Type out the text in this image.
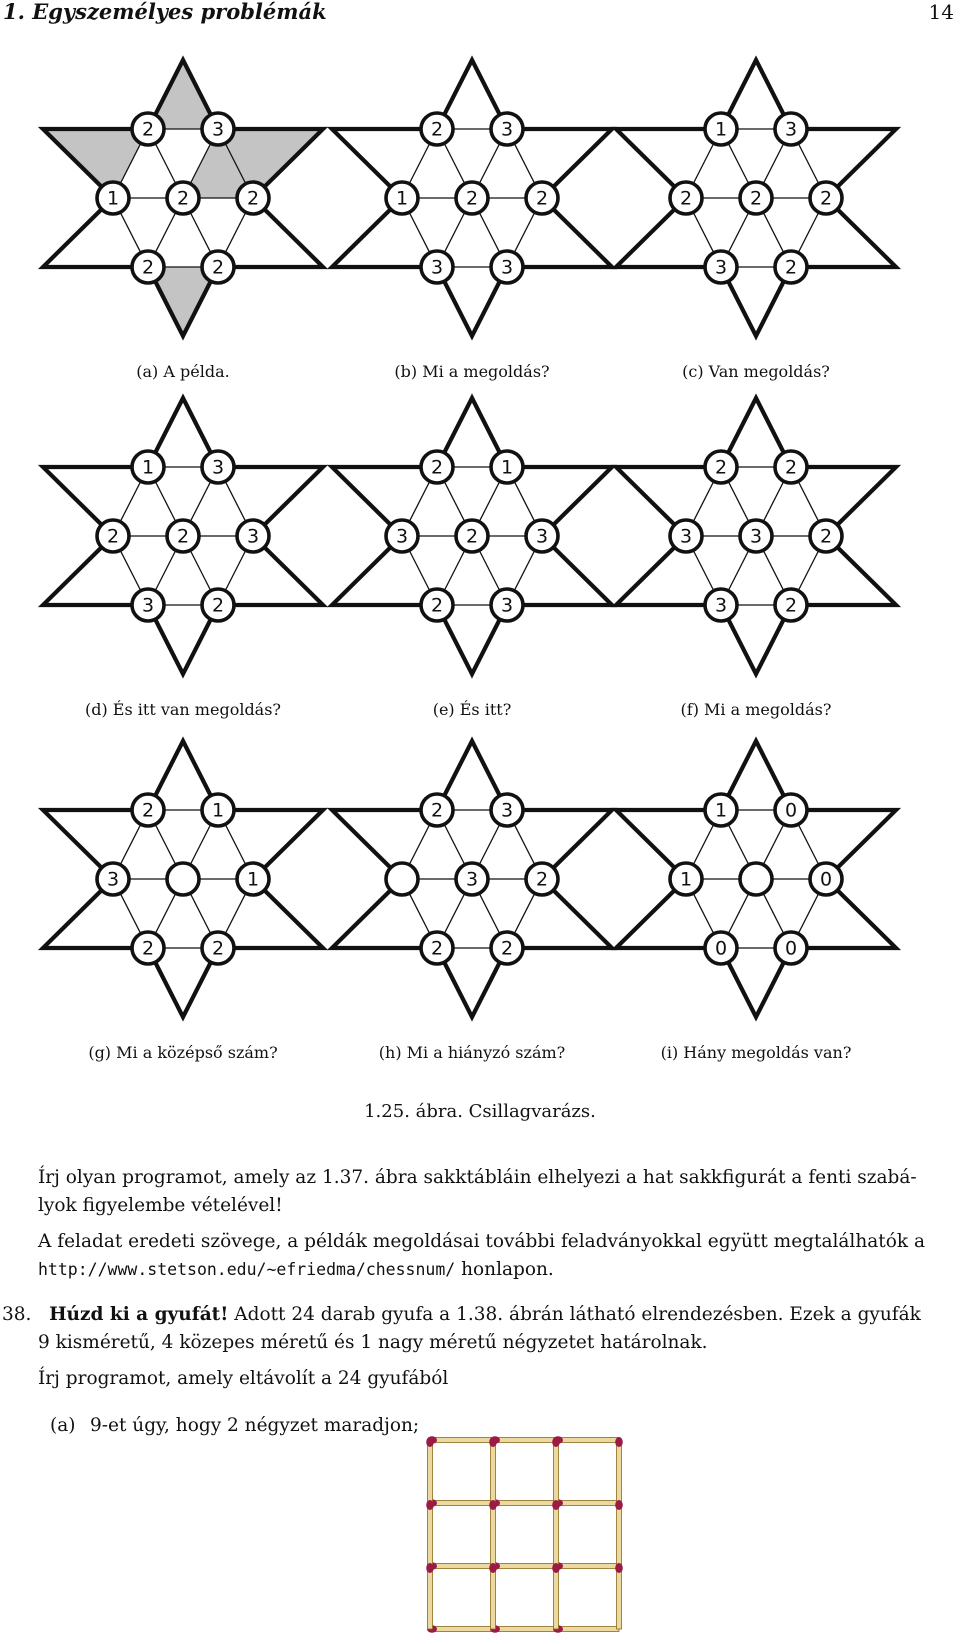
1. Egyszemélyes problémák	14
2	3
1	2	2
2	2
2	3
1	2	2
3	3
1	3
2	2	2
3	2
1	3
2	2	3
3	2
2	1
3	2	3
2	3
2	2
3	3	2
3	2
2	1
3	1
2	2
2	3
3	2
2	2
1	0
1	0
0	0
(a) A példa.	(b) Mi a megoldás?	(c) Van megoldás?
(d) És itt van megoldás?	(e) És itt?	(f) Mi a megoldás?
(g) Mi a középső szám?	(h) Mi a hiányzó szám?	(i) Hány megoldás van?
1.25. ábra. Csillagvarázs.
Írj olyan programot, amely az 1.37. ábra sakktábláin elhelyezi a hat sakkfigurát a fenti szabá-
lyok figyelembe vételével!
A feladat eredeti szövege, a példák megoldásai további feladványokkal együtt megtalálhatók a
http://www.stetson.edu/~efriedma/chessnum/ honlapon.
38. Húzd ki a gyufát! Adott 24 darab gyufa a 1.38. ábrán látható elrendezésben. Ezek a gyufák
9 kisméretű, 4 közepes méretű és 1 nagy méretű négyzetet határolnak.
Írj programot, amely eltávolít a 24 gyufából
(a) 9-et úgy, hogy 2 négyzet maradjon;
